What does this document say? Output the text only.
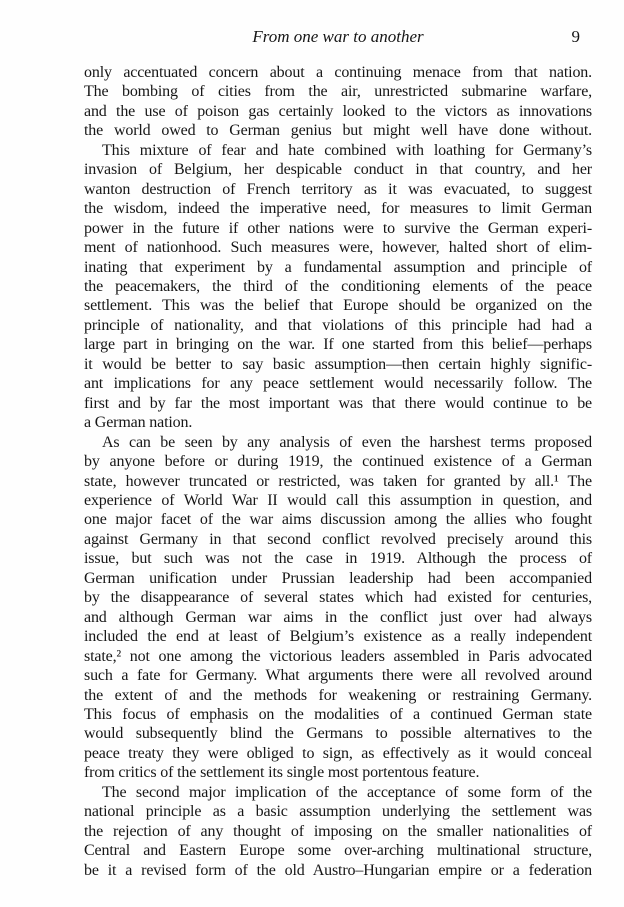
From one war to another	9
only accentuated concern about a continuing menace from that nation.
The bombing of cities from the air, unrestricted submarine warfare,
and the use of poison gas certainly looked to the victors as innovations
the world owed to German genius but might well have done without.
This mixture of fear and hate combined with loathing for Germany’s
invasion of Belgium, her despicable conduct in that country, and her
wanton destruction of French territory as it was evacuated, to suggest
the wisdom, indeed the imperative need, for measures to limit German
power in the future if other nations were to survive the German experi-
ment of nationhood. Such measures were, however, halted short of elim-
inating that experiment by a fundamental assumption and principle of
the peacemakers, the third of the conditioning elements of the peace
settlement. This was the belief that Europe should be organized on the
principle of nationality, and that violations of this principle had had a
large part in bringing on the war. If one started from this belief—perhaps
it would be better to say basic assumption—then certain highly signific-
ant implications for any peace settlement would necessarily follow. The
first and by far the most important was that there would continue to be
a German nation.
As can be seen by any analysis of even the harshest terms proposed
by anyone before or during 1919, the continued existence of a German
state, however truncated or restricted, was taken for granted by all.¹ The
experience of World War II would call this assumption in question, and
one major facet of the war aims discussion among the allies who fought
against Germany in that second conflict revolved precisely around this
issue, but such was not the case in 1919. Although the process of
German unification under Prussian leadership had been accompanied
by the disappearance of several states which had existed for centuries,
and although German war aims in the conflict just over had always
included the end at least of Belgium’s existence as a really independent
state,² not one among the victorious leaders assembled in Paris advocated
such a fate for Germany. What arguments there were all revolved around
the extent of and the methods for weakening or restraining Germany.
This focus of emphasis on the modalities of a continued German state
would subsequently blind the Germans to possible alternatives to the
peace treaty they were obliged to sign, as effectively as it would conceal
from critics of the settlement its single most portentous feature.
The second major implication of the acceptance of some form of the
national principle as a basic assumption underlying the settlement was
the rejection of any thought of imposing on the smaller nationalities of
Central and Eastern Europe some over-arching multinational structure,
be it a revised form of the old Austro–Hungarian empire or a federation
